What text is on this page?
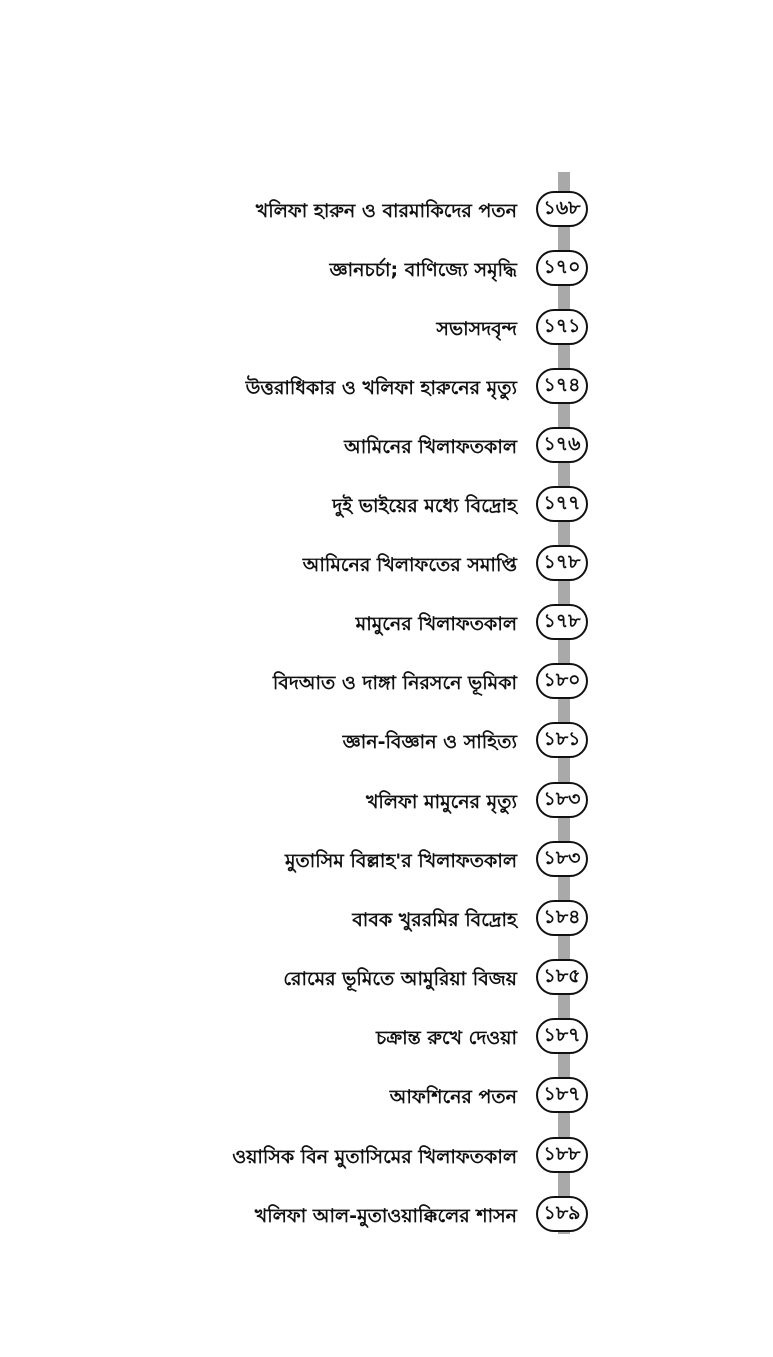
খলিফা হারুন ও বারমাকিদের পতন	১৬৮
জ্ঞানচর্চা; বাণিজ্যে সমৃদ্ধি	১৭০
সভাসদবৃন্দ	১৭১
উত্তরাধিকার ও খলিফা হারুনের মৃত্যু	১৭৪
আমিনের খিলাফতকাল	১৭৬
দুই ভাইয়ের মধ্যে বিদ্রোহ	১৭৭
আমিনের খিলাফতের সমাপ্তি	১৭৮
মামুনের খিলাফতকাল	১৭৮
বিদআত ও দাঙ্গা নিরসনে ভূমিকা	১৮০
জ্ঞান-বিজ্ঞান ও সাহিত্য	১৮১
খলিফা মামুনের মৃত্যু	১৮৩
মুতাসিম বিল্লাহ'র খিলাফতকাল	১৮৩
বাবক খুররমির বিদ্রোহ	১৮৪
রোমের ভূমিতে আমুরিয়া বিজয়	১৮৫
চক্রান্ত রুখে দেওয়া	১৮৭
আফশিনের পতন	১৮৭
ওয়াসিক বিন মুতাসিমের খিলাফতকাল	১৮৮
খলিফা আল-মুতাওয়াক্কিলের শাসন	১৮৯
